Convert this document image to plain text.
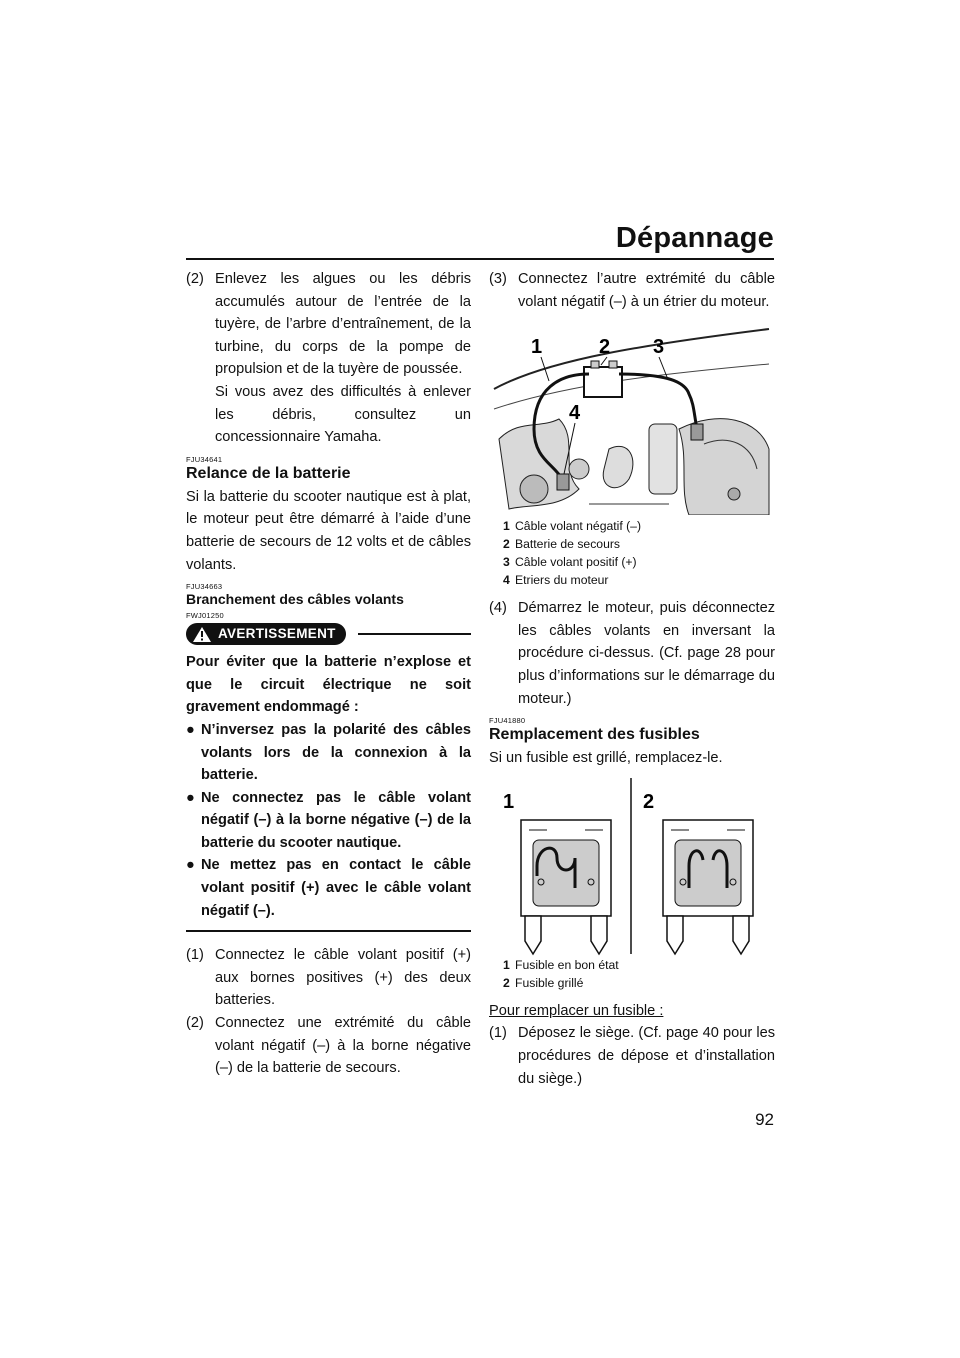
Dépannage

(2) Enlevez les algues ou les débris accumulés autour de l’entrée de la tuyère, de l’arbre d’entraînement, de la turbine, du corps de la pompe de propulsion et de la tuyère de poussée.

Si vous avez des difficultés à enlever les débris, consultez un concessionnaire Yamaha.

FJU34641
Relance de la batterie

Si la batterie du scooter nautique est à plat, le moteur peut être démarré à l’aide d’une batterie de secours de 12 volts et de câbles volants.

FJU34663
Branchement des câbles volants
FWJ01250
AVERTISSEMENT

Pour éviter que la batterie n’explose et que le circuit électrique ne soit gravement endommagé :

● N’inversez pas la polarité des câbles volants lors de la connexion à la batterie.

● Ne connectez pas le câble volant négatif (–) à la borne négative (–) de la batterie du scooter nautique.

● Ne mettez pas en contact le câble volant positif (+) avec le câble volant négatif (–).

(1) Connectez le câble volant positif (+) aux bornes positives (+) des deux batteries.

(2) Connectez une extrémité du câble volant négatif (–) à la borne négative (–) de la batterie de secours.

(3) Connectez l’autre extrémité du câble volant négatif (–) à un étrier du moteur.

1	2 3
4
1 Câble volant négatif (–)
2 Batterie de secours
3 Câble volant positif (+)
4 Etriers du moteur

(4) Démarrez le moteur, puis déconnectez les câbles volants en inversant la procédure ci-dessus. (Cf. page 28 pour plus d’informations sur le démarrage du moteur.)

FJU41880
Remplacement des fusibles

Si un fusible est grillé, remplacez-le.

1	2
1 Fusible en bon état
2 Fusible grillé

Pour remplacer un fusible :

(1) Déposez le siège. (Cf. page 40 pour les procédures de dépose et d’installation du siège.)

92
